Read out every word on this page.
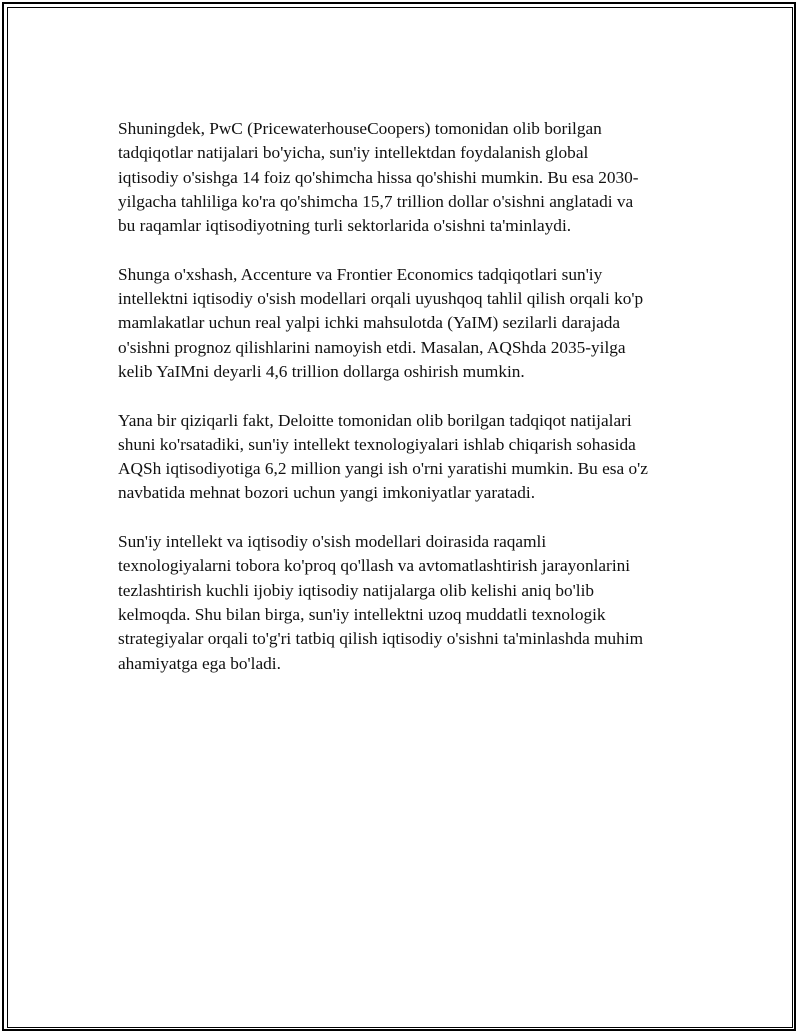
Shuningdek, PwC (PricewaterhouseCoopers) tomonidan olib borilgan
tadqiqotlar natijalari bo'yicha, sun'iy intellektdan foydalanish global
iqtisodiy o'sishga 14 foiz qo'shimcha hissa qo'shishi mumkin. Bu esa 2030-
yilgacha tahliliga ko'ra qo'shimcha 15,7 trillion dollar o'sishni anglatadi va
bu raqamlar iqtisodiyotning turli sektorlarida o'sishni ta'minlaydi.

Shunga o'xshash, Accenture va Frontier Economics tadqiqotlari sun'iy
intellektni iqtisodiy o'sish modellari orqali uyushqoq tahlil qilish orqali ko'p
mamlakatlar uchun real yalpi ichki mahsulotda (YaIM) sezilarli darajada
o'sishni prognoz qilishlarini namoyish etdi. Masalan, AQShda 2035-yilga
kelib YaIMni deyarli 4,6 trillion dollarga oshirish mumkin.

Yana bir qiziqarli fakt, Deloitte tomonidan olib borilgan tadqiqot natijalari
shuni ko'rsatadiki, sun'iy intellekt texnologiyalari ishlab chiqarish sohasida
AQSh iqtisodiyotiga 6,2 million yangi ish o'rni yaratishi mumkin. Bu esa o'z
navbatida mehnat bozori uchun yangi imkoniyatlar yaratadi.

Sun'iy intellekt va iqtisodiy o'sish modellari doirasida raqamli
texnologiyalarni tobora ko'proq qo'llash va avtomatlashtirish jarayonlarini
tezlashtirish kuchli ijobiy iqtisodiy natijalarga olib kelishi aniq bo'lib
kelmoqda. Shu bilan birga, sun'iy intellektni uzoq muddatli texnologik
strategiyalar orqali to'g'ri tatbiq qilish iqtisodiy o'sishni ta'minlashda muhim
ahamiyatga ega bo'ladi.
